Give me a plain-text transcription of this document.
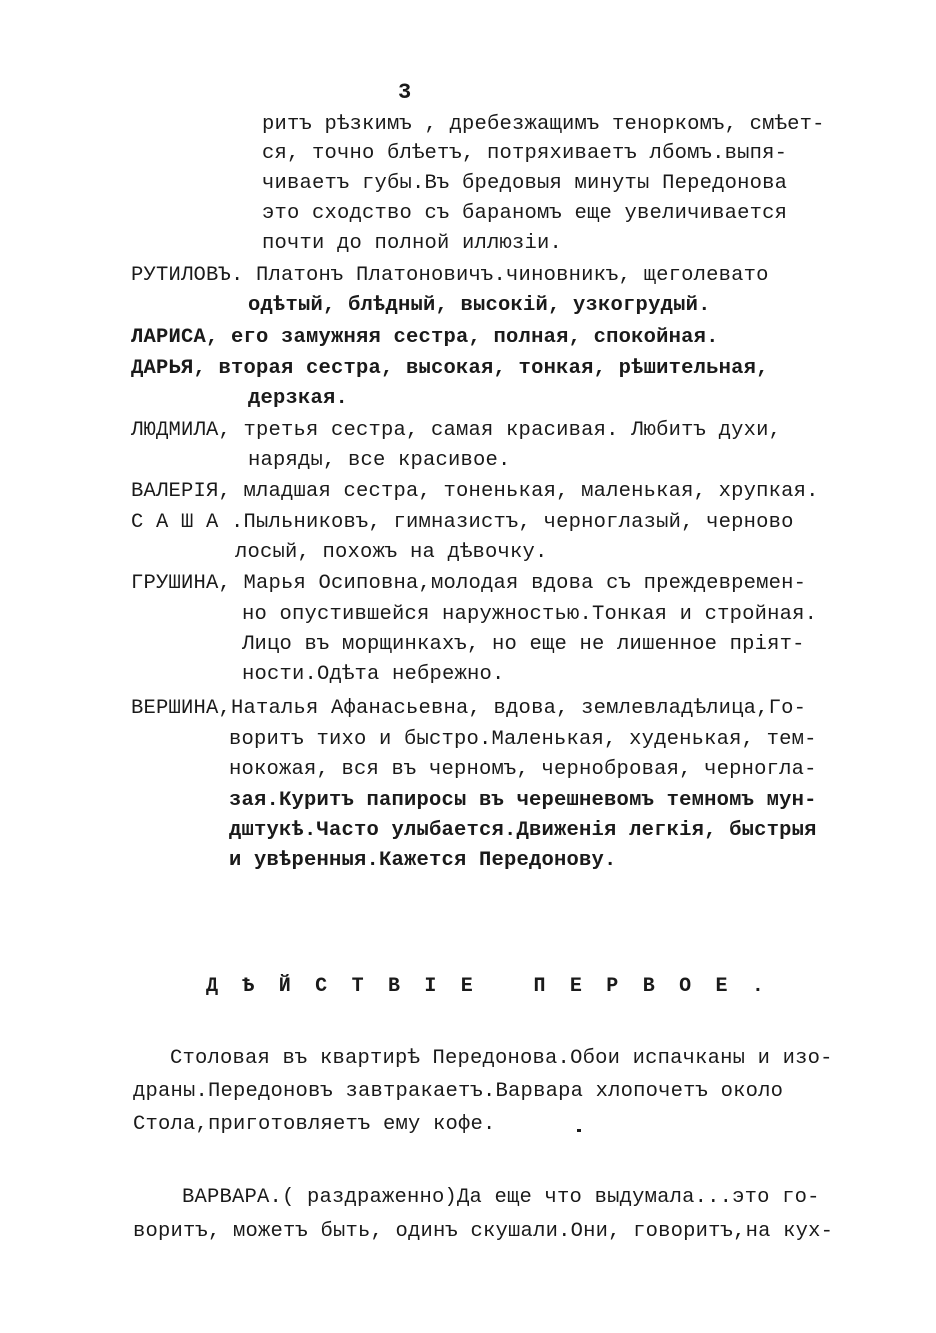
3
ритъ рѣзкимъ , дребезжащимъ теноркомъ, смѣет-
ся, точно блѣетъ, потряхиваетъ лбомъ.выпя-
чиваетъ губы.Въ бредовыя минуты Передонова
это сходство съ бараномъ еще увеличивается
почти до полной иллюзiи.
РУТИЛОВЪ. Платонъ Платоновичъ.чиновникъ, щеголевато
одѣтый, блѣдный, высокiй, узкогрудый.
ЛАРИСА, его замужняя сестра, полная, спокойная.
ДАРЬЯ, вторая сестра, высокая, тонкая, рѣшительная,
дерзкая.
ЛЮДМИЛА, третья сестра, самая красивая. Любитъ духи,
наряды, все красивое.
ВАЛЕРIЯ, младшая сестра, тоненькая, маленькая, хрупкая.
С А Ш А .Пыльниковъ, гимназистъ, черноглазый, черново
лосый, похожъ на дѣвочку.
ГРУШИНА, Марья Осиповна,молодая вдова съ преждевремен-
но опустившейся наружностью.Тонкая и стройная.
Лицо въ морщинкахъ, но еще не лишенное прiят-
ности.Одѣта небрежно.
ВЕРШИНА,Наталья Афанасьевна, вдова, землевладѣлица,Го-
воритъ тихо и быстро.Маленькая, худенькая, тем-
нокожая, вся въ черномъ, чернобровая, черногла-
зая.Куритъ папиросы въ черешневомъ темномъ мун-
дштукѣ.Часто улыбается.Движенiя легкiя, быстрыя
и увѣренныя.Кажется Передонову.
Д Ѣ Й С Т В I Е	П Е Р В О Е .
Столовая въ квартирѣ Передонова.Обои испачканы и изо-
драны.Передоновъ завтракаетъ.Варвара хлопочетъ около
Стола,приготовляетъ ему кофе.
ВАРВАРА.( раздраженно)Да еще что выдумала...это го-
воритъ, можетъ быть, одинъ скушали.Они, говоритъ,на кух-
